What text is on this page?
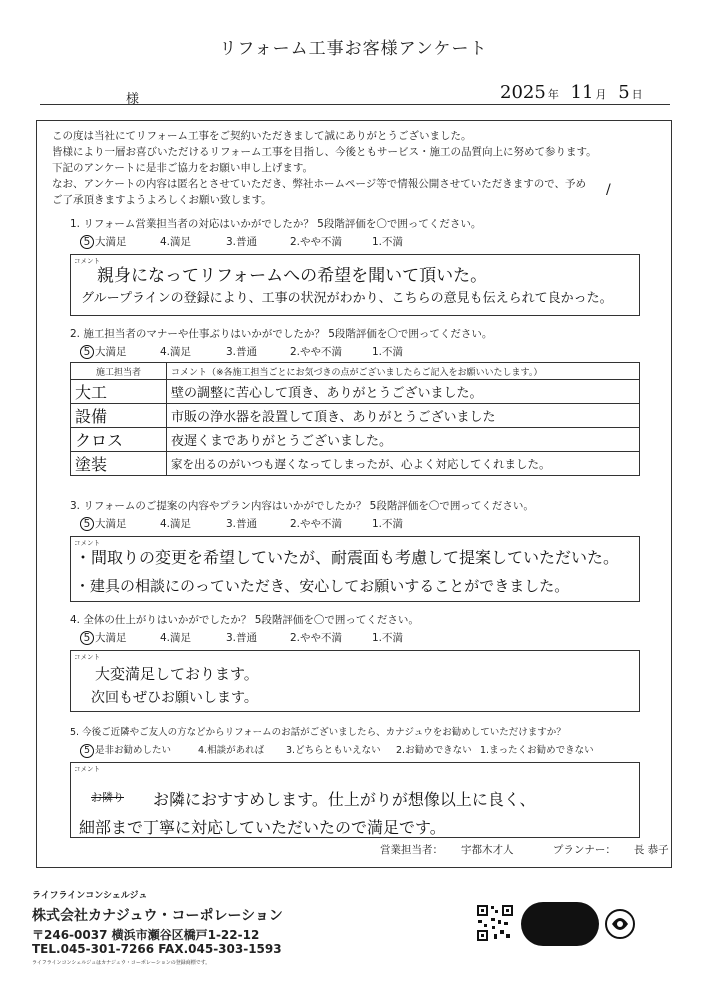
リフォーム工事お客様アンケート
様	2025 年 11 月 5 日

この度は当社にてリフォーム工事をご契約いただきまして誠にありがとうございました。

皆様により一層お喜びいただけるリフォーム工事を目指し、今後ともサービス・施工の品質向上に努めて参ります。

下記のアンケートに是非ご協力をお願い申し上げます。

なお、アンケートの内容は匿名とさせていただき、弊社ホームページ等で情報公開させていただきますので、予め

ご了承頂きますようよろしくお願い致します。

/
1. リフォーム営業担当者の対応はいかがでしたか？ 5段階評価を〇で囲ってください。
5 大満足	4.満足	3.普通	2.やや不満	1.不満
コメント
親身になってリフォームへの希望を聞いて頂いた。
グループラインの登録により、工事の状況がわかり、こちらの意見も伝えられて良かった。
2. 施工担当者のマナーや仕事ぶりはいかがでしたか？ 5段階評価を〇で囲ってください。
5 大満足	4.満足	3.普通	2.やや不満	1.不満
施工担当者	コメント（※各施工担当ごとにお気づきの点がございましたらご記入をお願いいたします。）
大工	壁の調整に苦心して頂き、ありがとうございました。
設備	市販の浄水器を設置して頂き、ありがとうございました
クロス	夜遅くまでありがとうございました。
塗装	家を出るのがいつも遅くなってしまったが、心よく対応してくれました。
3. リフォームのご提案の内容やプラン内容はいかがでしたか？ 5段階評価を〇で囲ってください。
5 大満足	4.満足	3.普通	2.やや不満	1.不満
コメント
・間取りの変更を希望していたが、耐震面も考慮して提案していただいた。
・建具の相談にのっていただき、安心してお願いすることができました。
4. 全体の仕上がりはいかがでしたか？ 5段階評価を〇で囲ってください。
5 大満足	4.満足	3.普通	2.やや不満	1.不満
コメント
大変満足しております。
次回もぜひお願いします。
5. 今後ご近隣やご友人の方などからリフォームのお話がございましたら、カナジュウをお勧めしていただけますか？
5 是非お勧めしたい	4.相談があれば	3.どちらともいえない	2.お勧めできない 1.まったくお勧めできない
コメント
お隣り お隣におすすめします。仕上がりが想像以上に良く、
細部まで丁寧に対応していただいたので満足です。
営業担当者： 宇都木才人	プランナー： 長 恭子
ライフラインコンシェルジュ
株式会社カナジュウ・コーポレーション
〒246-0037 横浜市瀬谷区橋戸1-22-12
TEL.045-301-7266 FAX.045-303-1593
ライフラインコンシェルジュはカナジュウ・コーポレーションの登録商標です。
